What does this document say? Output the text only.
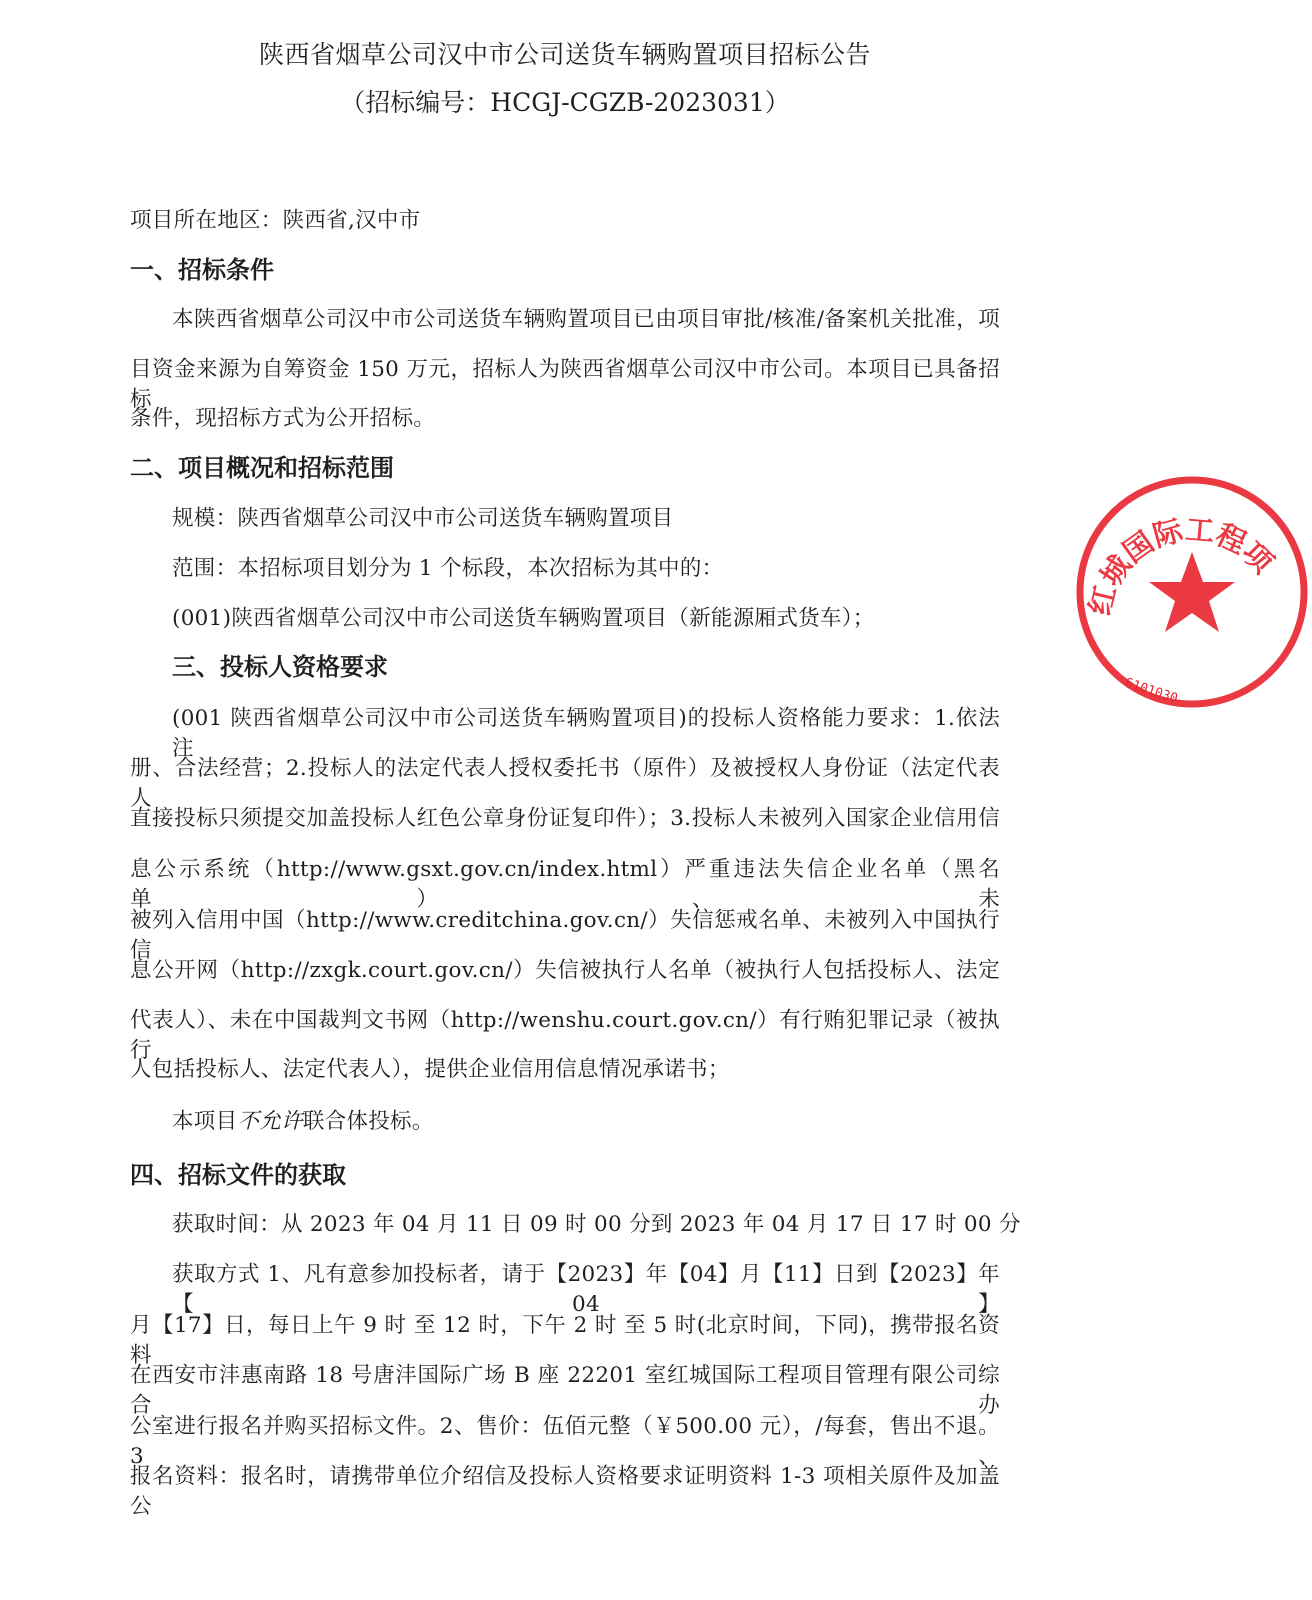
陕西省烟草公司汉中市公司送货车辆购置项目招标公告
（招标编号：HCGJ-CGZB-2023031）
项目所在地区：陕西省,汉中市
一、招标条件
本陕西省烟草公司汉中市公司送货车辆购置项目已由项目审批/核准/备案机关批准，项
目资金来源为自筹资金 150 万元，招标人为陕西省烟草公司汉中市公司。本项目已具备招标
条件，现招标方式为公开招标。
二、项目概况和招标范围
规模：陕西省烟草公司汉中市公司送货车辆购置项目
范围：本招标项目划分为 1 个标段，本次招标为其中的：
(001)陕西省烟草公司汉中市公司送货车辆购置项目（新能源厢式货车）；
三、投标人资格要求
(001 陕西省烟草公司汉中市公司送货车辆购置项目)的投标人资格能力要求：1.依法注
册、合法经营；2.投标人的法定代表人授权委托书（原件）及被授权人身份证（法定代表人
直接投标只须提交加盖投标人红色公章身份证复印件）；3.投标人未被列入国家企业信用信
息公示系统（http://www.gsxt.gov.cn/index.html）严重违法失信企业名单（黑名单）、未
被列入信用中国（http://www.creditchina.gov.cn/）失信惩戒名单、未被列入中国执行信
息公开网（http://zxgk.court.gov.cn/）失信被执行人名单（被执行人包括投标人、法定
代表人）、未在中国裁判文书网（http://wenshu.court.gov.cn/）有行贿犯罪记录（被执行
人包括投标人、法定代表人），提供企业信用信息情况承诺书；
本项目不允许联合体投标。
四、招标文件的获取
获取时间：从 2023 年 04 月 11 日 09 时 00 分到 2023 年 04 月 17 日 17 时 00 分
获取方式 1、凡有意参加投标者，请于【2023】年【04】月【11】日到【2023】年【04】
月【17】日，每日上午 9 时 至 12 时，下午 2 时 至 5 时(北京时间，下同)，携带报名资料
在西安市沣惠南路 18 号唐沣国际广场 B 座 22201 室红城国际工程项目管理有限公司综合办
公室进行报名并购买招标文件。2、售价：伍佰元整（￥500.00 元），/每套，售出不退。3、
报名资料：报名时，请携带单位介绍信及投标人资格要求证明资料 1-3 项相关原件及加盖公
红城国际工程项
6101030
